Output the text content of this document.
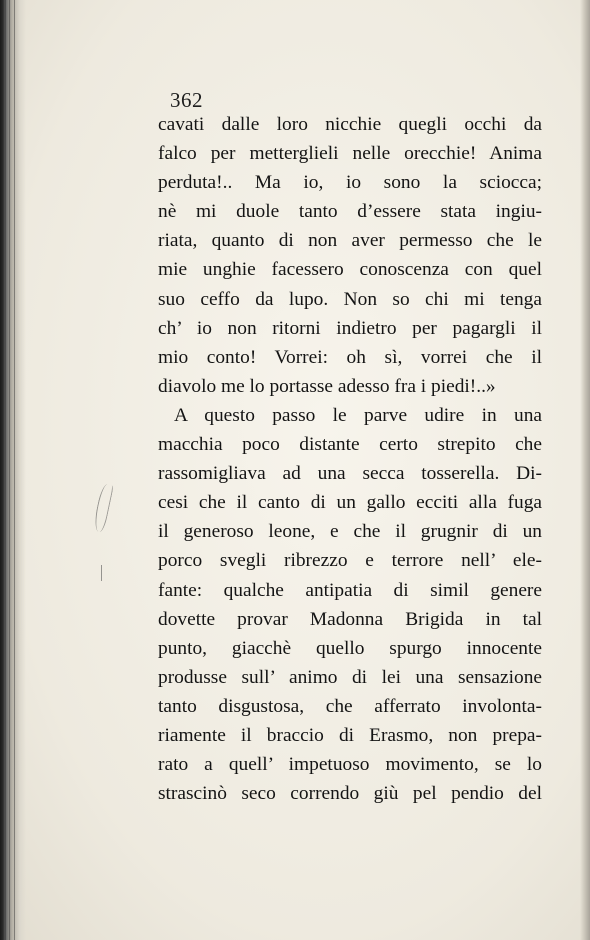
362
cavati dalle loro nicchie quegli occhi da
falco per metterglieli nelle orecchie! Anima
perduta!.. Ma io, io sono la sciocca;
nè mi duole tanto d’essere stata ingiu-
riata, quanto di non aver permesso che le
mie unghie facessero conoscenza con quel
suo ceffo da lupo. Non so chi mi tenga
ch’ io non ritorni indietro per pagargli il
mio conto! Vorrei: oh sì, vorrei che il
diavolo me lo portasse adesso fra i piedi!..»
A questo passo le parve udire in una
macchia poco distante certo strepito che
rassomigliava ad una secca tosserella. Di-
cesi che il canto di un gallo ecciti alla fuga
il generoso leone, e che il grugnir di un
porco svegli ribrezzo e terrore nell’ ele-
fante: qualche antipatia di simil genere
dovette provar Madonna Brigida in tal
punto, giacchè quello spurgo innocente
produsse sull’ animo di lei una sensazione
tanto disgustosa, che afferrato involonta-
riamente il braccio di Erasmo, non prepa-
rato a quell’ impetuoso movimento, se lo
strascinò seco correndo giù pel pendio del
